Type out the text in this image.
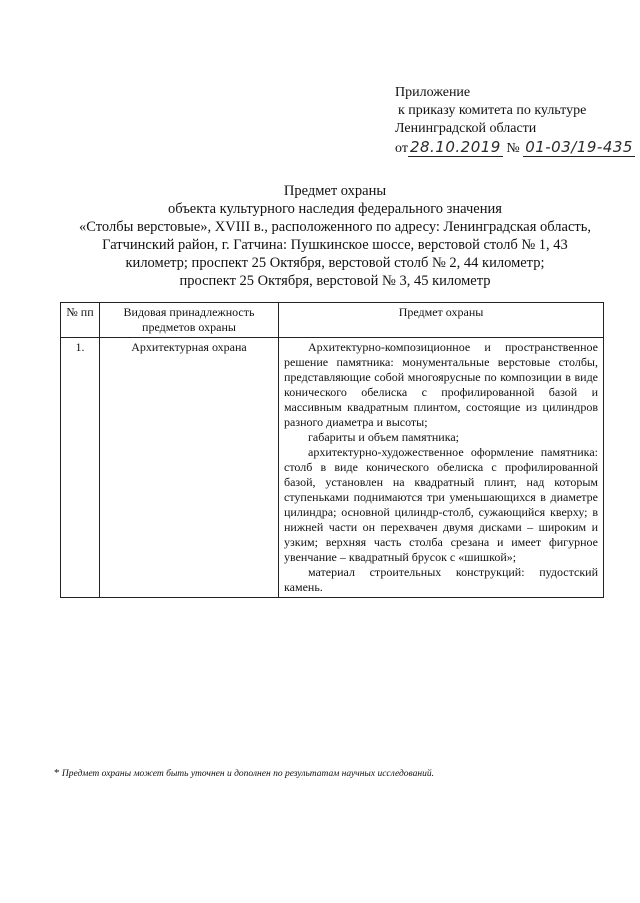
Приложение
к приказу комитета по культуре
Ленинградской области
от 28.10.2019 № 01-03/19-435
Предмет охраны
объекта культурного наследия федерального значения
«Столбы верстовые», XVIII в., расположенного по адресу: Ленинградская область,
Гатчинский район, г. Гатчина: Пушкинское шоссе, верстовой столб № 1, 43
километр; проспект 25 Октября, верстовой столб № 2, 44 километр;
проспект 25 Октября, верстовой № 3, 45 километр
№ пп	Видовая принадлежность предметов охраны	Предмет охраны
1.	Архитектурная охрана	Архитектурно-композиционное и пространственное решение памятника: монументальные верстовые столбы, представляющие собой многоярусные по композиции в виде конического обелиска с профилированной базой и массивным квадратным плинтом, состоящие из цилиндров разного диаметра и высоты;

габариты и объем памятника;

архитектурно-художественное оформление памятника: столб в виде конического обелиска с профилированной базой, установлен на квадратный плинт, над которым ступеньками поднимаются три уменьшающихся в диаметре цилиндра; основной цилиндр-столб, сужающийся кверху; в нижней части он перехвачен двумя дисками – широким и узким; верхняя часть столба срезана и имеет фигурное увенчание – квадратный брусок с «шишкой»;

материал строительных конструкций: пудостский камень.

* Предмет охраны может быть уточнен и дополнен по результатам научных исследований.
